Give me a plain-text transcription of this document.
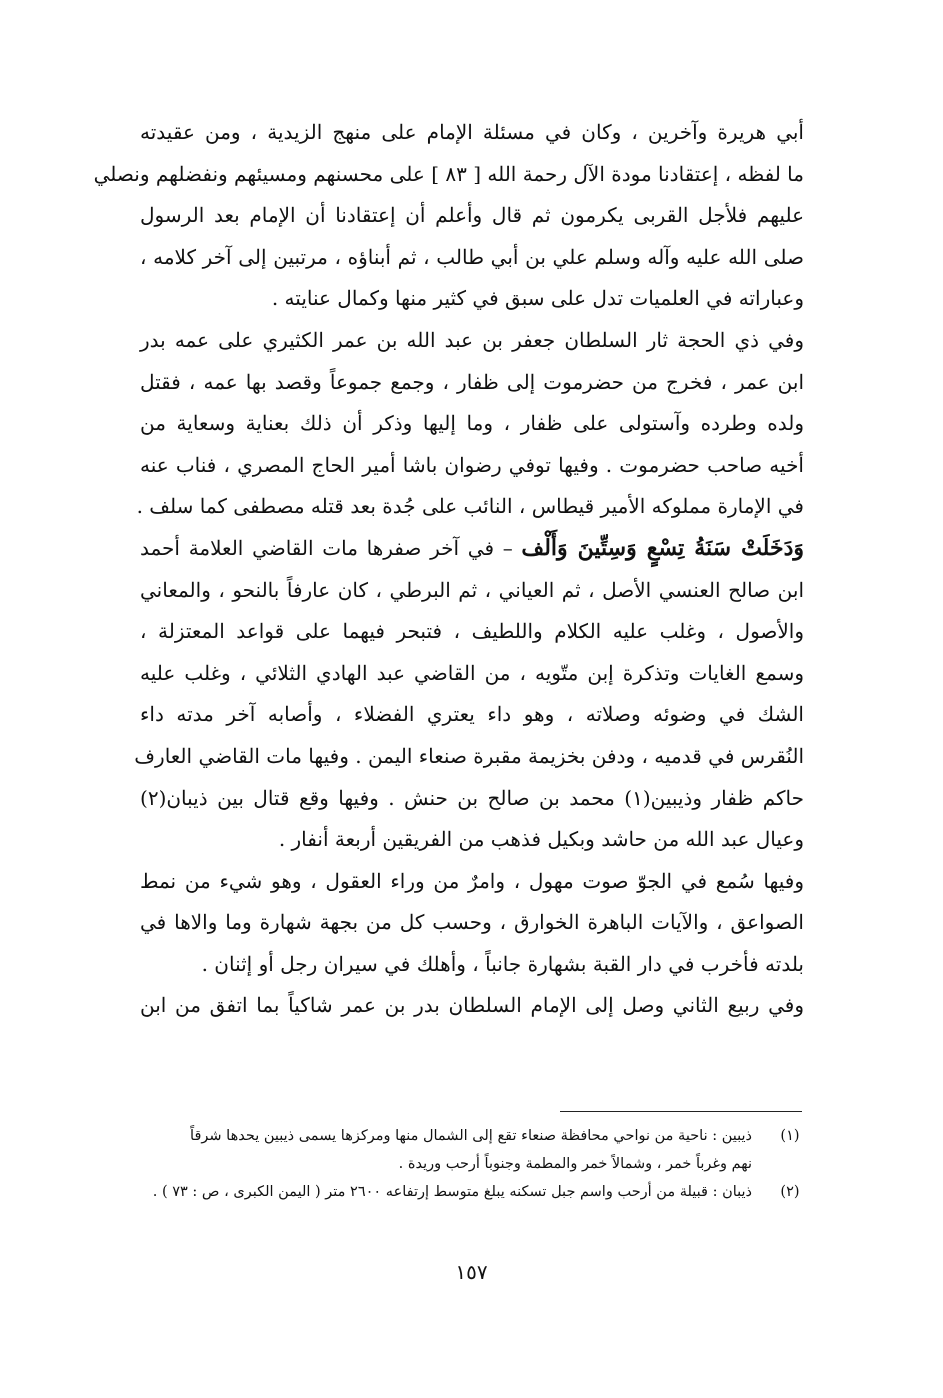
أبي هريرة وآخرين ، وكان في مسئلة الإمام على منهج الزيدية ، ومن عقيدته
ما لفظه ، إعتقادنا مودة الآل رحمة الله [ ٨٣ ] على محسنهم ومسيئهم ونفضلهم ونصلي
عليهم فلأجل القربى يكرمون ثم قال وأعلم أن إعتقادنا أن الإمام بعد الرسول
صلى الله عليه وآله وسلم علي بن أبي طالب ، ثم أبناؤه ، مرتبين إلى آخر كلامه ،
وعباراته في العلميات تدل على سبق في كثير منها وكمال عنايته .
وفي ذي الحجة ثار السلطان جعفر بن عبد الله بن عمر الكثيري على عمه بدر
ابن عمر ، فخرج من حضرموت إلى ظفار ، وجمع جموعاً وقصد بها عمه ، فقتل
ولده وطرده وآستولى على ظفار ، وما إليها وذكر أن ذلك بعناية وسعاية من
أخيه صاحب حضرموت . وفيها توفي رضوان باشا أمير الحاج المصري ، فناب عنه
في الإمارة مملوكه الأمير قيطاس ، النائب على جُدة بعد قتله مصطفى كما سلف .
وَدَخَلَتْ سَنَةُ تِسْعٍ وَسِتِّينَ وَأَلْف – في آخر صفرها مات القاضي العلامة أحمد
ابن صالح العنسي الأصل ، ثم العياني ، ثم البرطي ، كان عارفاً بالنحو ، والمعاني
والأصول ، وغلب عليه الكلام واللطيف ، فتبحر فيهما على قواعد المعتزلة ،
وسمع الغايات وتذكرة إبن متّويه ، من القاضي عبد الهادي الثلائي ، وغلب عليه
الشك في وضوئه وصلاته ، وهو داء يعتري الفضلاء ، وأصابه آخر مدته داء
النُقرس في قدميه ، ودفن بخزيمة مقبرة صنعاء اليمن . وفيها مات القاضي العارف
حاكم ظفار وذيبين(١) محمد بن صالح بن حنش . وفيها وقع قتال بين ذيبان(٢)
وعيال عبد الله من حاشد وبكيل فذهب من الفريقين أربعة أنفار .
وفيها سُمع في الجوّ صوت مهول ، وامرٌ من وراء العقول ، وهو شيء من نمط
الصواعق ، والآيات الباهرة الخوارق ، وحسب كل من بجهة شهارة وما والاها في
بلدته فأخرب في دار القبة بشهارة جانباً ، وأهلك في سيران رجل أو إثنان .
وفي ربيع الثاني وصل إلى الإمام السلطان بدر بن عمر شاكياً بما اتفق من ابن
(١)
ذيبين : ناحية من نواحي محافظة صنعاء تقع إلى الشمال منها ومركزها يسمى ذيبين يحدها شرقاً
نهم وغرباً خمر ، وشمالاً خمر والمطمة وجنوباً أرحب وريدة .
(٢)
ذيبان : قبيلة من أرحب واسم جبل تسكنه يبلغ متوسط إرتفاعه ٢٦٠٠ متر ( اليمن الكبرى ، ص : ٧٣ ) .
١٥٧
